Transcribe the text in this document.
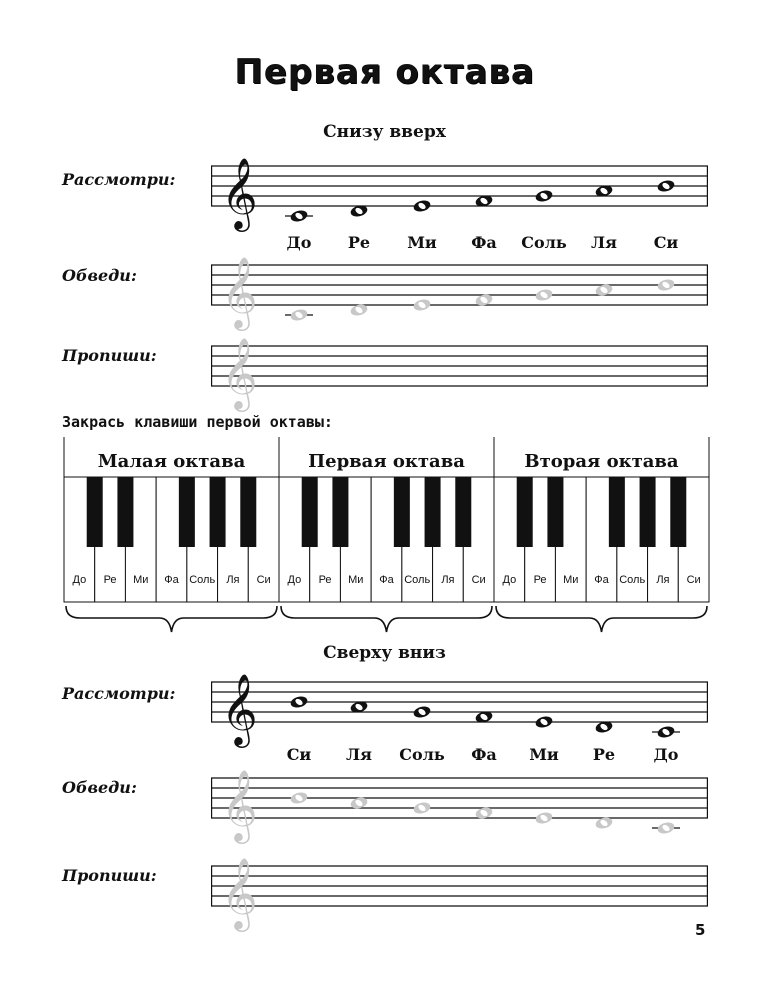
Первая октава
Снизу вверх
Рассмотри: 𝄞
До Ре Ми Фа Соль Ля Си
Обведи: 𝄞
Пропиши: 𝄞
Закрась клавиши первой октавы:
До Ре Ми Фа Соль Ля Си
Малая октава
До Ре Ми Фа Соль Ля Си
Первая октава
До Ре Ми Фа Соль Ля Си
Вторая октава
Сверху вниз
Рассмотри: 𝄞
Си Ля Соль Фа Ми Ре До
Обведи: 𝄞
Пропиши: 𝄞
5
